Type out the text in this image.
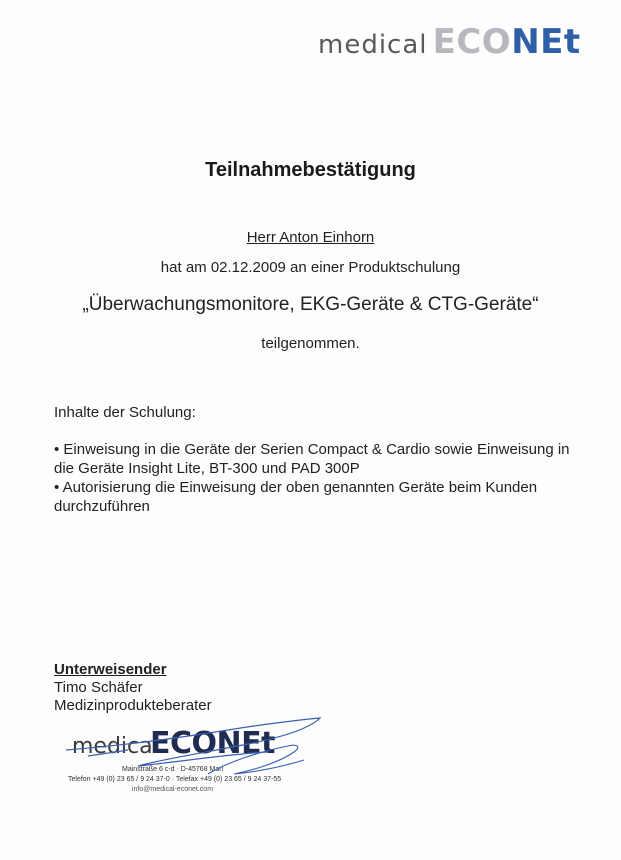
medical ECONEt
Teilnahmebestätigung
Herr Anton Einhorn
hat am 02.12.2009 an einer Produktschulung
„Überwachungsmonitore, EKG-Geräte & CTG-Geräte“
teilgenommen.
Inhalte der Schulung:
• Einweisung in die Geräte der Serien Compact & Cardio sowie Einweisung in
die Geräte Insight Lite, BT-300 und PAD 300P
• Autorisierung die Einweisung der oben genannten Geräte beim Kunden
durchzuführen
Unterweisender
Timo Schäfer
Medizinprodukteberater
medical
ECONEt
Mainstraße 6 c-d · D-45768 Marl
Telefon +49 (0) 23 65 / 9 24 37-0 · Telefax +49 (0) 23 65 / 9 24 37-55
info@medical-econet.com
